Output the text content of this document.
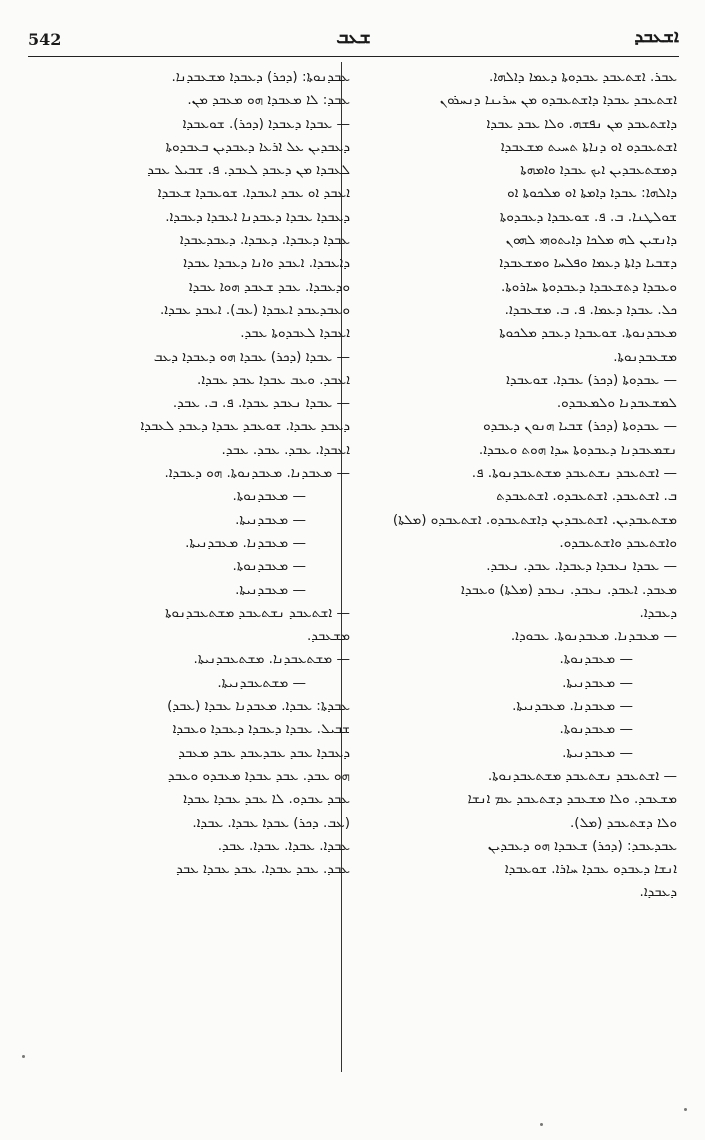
542	ܫܥܒ	ܐܫܥܒܕ

ܥܒܪ. ܐܫܬܥܒܕ ܥܒܕܘܬܐ ܕܥܡܐ ܕܐܠܗܐ.

ܐܫܬܥܒܕ ܥܒܕܐ ܕܐܫܬܥܒܕܘ ܡܢ ܚܪܝܢܐ ܕܢܚܪܘܢ

ܕܐܫܬܥܒܕ ܡܢ ܢܦܫܗ. ܘܠܐ ܥܒܕ ܥܒܕܐ

ܐܫܬܥܒܕܘ ܐܘ ܕܢܐܬܐ ܬܚܝܬ ܡܫܥܒܕܐ

ܕܡܫܬܥܒܕܝܢ ܐܝܟ ܥܒܕܐ ܘܐܡܗܬܐ

ܕܐܠܗܐ: ܥܒܕܐ ܕܐܡܬܐ ܐܘ ܡܠܟܘܬܐ ܐܘ

ܫܘܠܛܢܐ. ܒ. ܦ. ܫܘܥܒܕܐ ܕܥܒܕܘܬܐ

ܕܐܢܫܝܢ ܠܗ ܡܠܟܐ ܕܐܝܬܘܗܝ ܠܗܘܢ

ܕܫܒܝܐ ܕܐܬܐ ܕܥܡܐ ܘܦܠܚܐ ܘܡܫܥܒܕܐ

ܘܥܒܕܐ ܕܬܫܥܒܕܐ ܕܥܒܕܘܬܐ ܚܐܪܘܬܐ.

ܟܠ. ܥܒܕܐ ܕܥܡܐ. ܦ. ܒ. ܡܫܥܒܕܐ.

ܡܥܒܕܢܘܬܐ. ܫܘܥܒܕܐ ܕܥܒܕ ܡܠܟܘܬܐ

ܡܫܥܒܕܢܘܬܐ.

— ܥܒܕܘܬܐ (ܕܟܪ) ܥܒܕܐ. ܫܘܥܒܕܐ

ܠܡܫܥܒܕܢܐ ܘܠܡܥܒܕܘ.

— ܥܒܕܘܬܐ (ܕܟܪ) ܫܒܝܐ ܗܢܘܢ ܕܥܒܕܘ

ܢܫܡܥܒܕܢܐ ܕܥܒܕܘܬܐ ܚܕܐ ܗܘܬ ܘܥܒܕܐ.

— ܐܫܬܥܒܕ ܢܫܬܥܒܕ ܡܫܬܥܒܕܢܘܬܐ. ܦ.

ܒ. ܐܫܬܥܒܕ. ܐܫܬܥܒܕܘ. ܐܫܬܥܒܕܬ

ܡܫܬܥܒܕܝܢ. ܐܫܬܥܒܕܝܢ ܕܐܫܬܥܒܕܘ. ܐܫܬܥܒܕܘ (ܡܠܬܐ)

ܘܐܫܬܥܒܕ ܘܐܫܬܥܒܕܘ.

— ܥܒܕܐ ܢܥܒܕܐ ܕܥܒܕܐ. ܥܒܕ. ܢܥܒܕ.

ܡܥܒܕ. ܐܥܒܕ. ܢܥܒܕ. ܢܥܒܕ (ܡܠܬܐ) ܘܥܒܕܐ

ܕܥܒܕܐ.

— ܡܥܒܕܢܐ. ܡܥܒܕܢܘܬܐ. ܥܒܘܕܐ.

— ܡܥܒܕܢܘܬܐ.

— ܡܥܒܕܢܝܬܐ.

— ܡܥܒܕܢܐ. ܡܥܒܕܢܝܬܐ.

— ܡܥܒܕܢܘܬܐ.

— ܡܥܒܕܢܝܬܐ.

— ܐܫܬܥܒܕ ܢܫܬܥܒܕ ܡܫܬܥܒܕܢܘܬܐ.

ܡܫܥܒܕ. ܘܠܐ ܡܫܥܒܕ ܕܫܬܥܒܕ ܥܡ ܐܢܫܐ

ܘܠܐ ܕܫܬܥܒܕ (ܡܠ).

ܥܒܕܥܒܕ: (ܕܟܪ) ܫܥܒܕܐ ܗܘ ܕܥܒܕܝܢ

ܐܢܫܐ ܕܥܒܕܘ ܥܒܕܐ ܚܐܪܐ. ܫܘܥܒܕܐ

ܕܥܒܕܐ.

ܥܒܕܢܘܬܐ: (ܕܟܪ) ܕܥܒܕܐ ܡܫܥܒܕܢܐ.

ܥܒܕ: ܠܐ ܡܥܒܕܐ ܗܘ ܡܥܒܕ ܡܢ.

— ܥܒܕܐ ܕܥܒܕܐ (ܕܟܪ). ܫܘܥܒܕܐ

ܕܥܒܕܝܢ ܥܠ ܐܪܥܐ ܕܥܒܕܝܢ ܒܥܒܕܘܬܐ

ܠܥܒܕܐ ܡܢ ܕܥܒܕ ܠܥܒܕ. ܦ. ܫܒܝܠ ܥܒܕ

ܐܥܒܕ ܐܘ ܥܒܕ ܐܥܒܕܐ. ܫܘܥܒܕܐ ܫܥܒܕܐ

ܕܥܒܕܐ ܥܒܕܐ ܕܥܒܕܢܐ ܐܥܒܕܐ ܕܥܒܕܐ.

ܥܒܕܐ ܕܥܒܕܐ. ܕܥܒܕܐ. ܕܥܒܕܥܒܕܐ

ܕܐܥܒܕܐ. ܐܥܒܕ ܘܐܢܐ ܕܥܒܕܐ ܥܒܕܐ

ܘܕܥܒܕܐ. ܥܒܕ ܫܥܒܕ ܗܘܐ ܥܒܕܐ

ܘܥܒܕܥܒܕ ܐܥܒܕܐ (ܥܒ). ܐܥܒܕ ܥܒܕܐ.

ܐܥܒܕܐ ܠܥܒܕܘܬܐ ܥܒܕ.

— ܥܒܕܐ (ܕܟܪ) ܥܒܕܐ ܗܘ ܕܥܒܕܐ ܕܥܒ

ܐܥܒܕ. ܘܥܒ ܥܒܕܐ ܥܒܕ ܥܒܕܐ.

— ܥܒܕܐ ܢܥܒܕ ܥܒܕܐ. ܦ. ܒ. ܥܒܕ.

ܕܥܒܕ ܥܒܕܐ. ܫܘܥܒܕ ܥܒܕܐ ܕܥܒܕ ܠܥܒܕܐ

ܐܥܒܕܐ. ܥܒܕ. ܥܒܕ. ܥܒܕ.

— ܡܥܒܕܢܐ. ܡܥܒܕܢܘܬܐ. ܗܘ ܕܥܒܕܐ.

— ܡܥܒܕܢܘܬܐ.

— ܡܥܒܕܢܝܬܐ.

— ܡܥܒܕܢܐ. ܡܥܒܕܢܝܬܐ.

— ܡܥܒܕܢܘܬܐ.

— ܡܥܒܕܢܝܬܐ.

— ܐܫܬܥܒܕ ܢܫܬܥܒܕ ܡܫܬܥܒܕܢܘܬܐ

ܡܫܥܒܕ.

— ܡܫܬܥܒܕܢܐ. ܡܫܬܥܒܕܢܝܬܐ.

— ܡܫܬܥܒܕܢܝܬܐ.

ܥܒܕܬܐ: ܥܒܕܐ. ܡܥܒܕܢܐ ܥܒܕܐ (ܥܒܕ)

ܫܒܝܠ. ܥܒܕܐ ܕܥܒܕܐ ܕܥܒܕܐ ܘܥܒܕܐ

ܕܥܒܕܐ ܥܒܕ ܥܒܕܥܒܕ ܥܒܕ ܡܥܒܕ

ܗܘ ܥܒܕ. ܥܒܕ ܥܒܕܐ ܡܥܒܕܘ ܘܥܒܕ

ܥܒܕ ܥܒܕܘ. ܠܐ ܥܒܕ ܥܒܕܐ ܥܒܕܐ

(ܥܒ. ܕܟܪ) ܥܒܕܐ ܥܒܕܐ. ܥܒܕܐ.

ܥܒܕܐ. ܥܒܕܐ. ܥܒܕܐ. ܥܒܕ.

ܥܒܕ. ܥܒܕ ܥܒܕܐ. ܥܒܕ ܥܒܕܐ ܥܒܕ
